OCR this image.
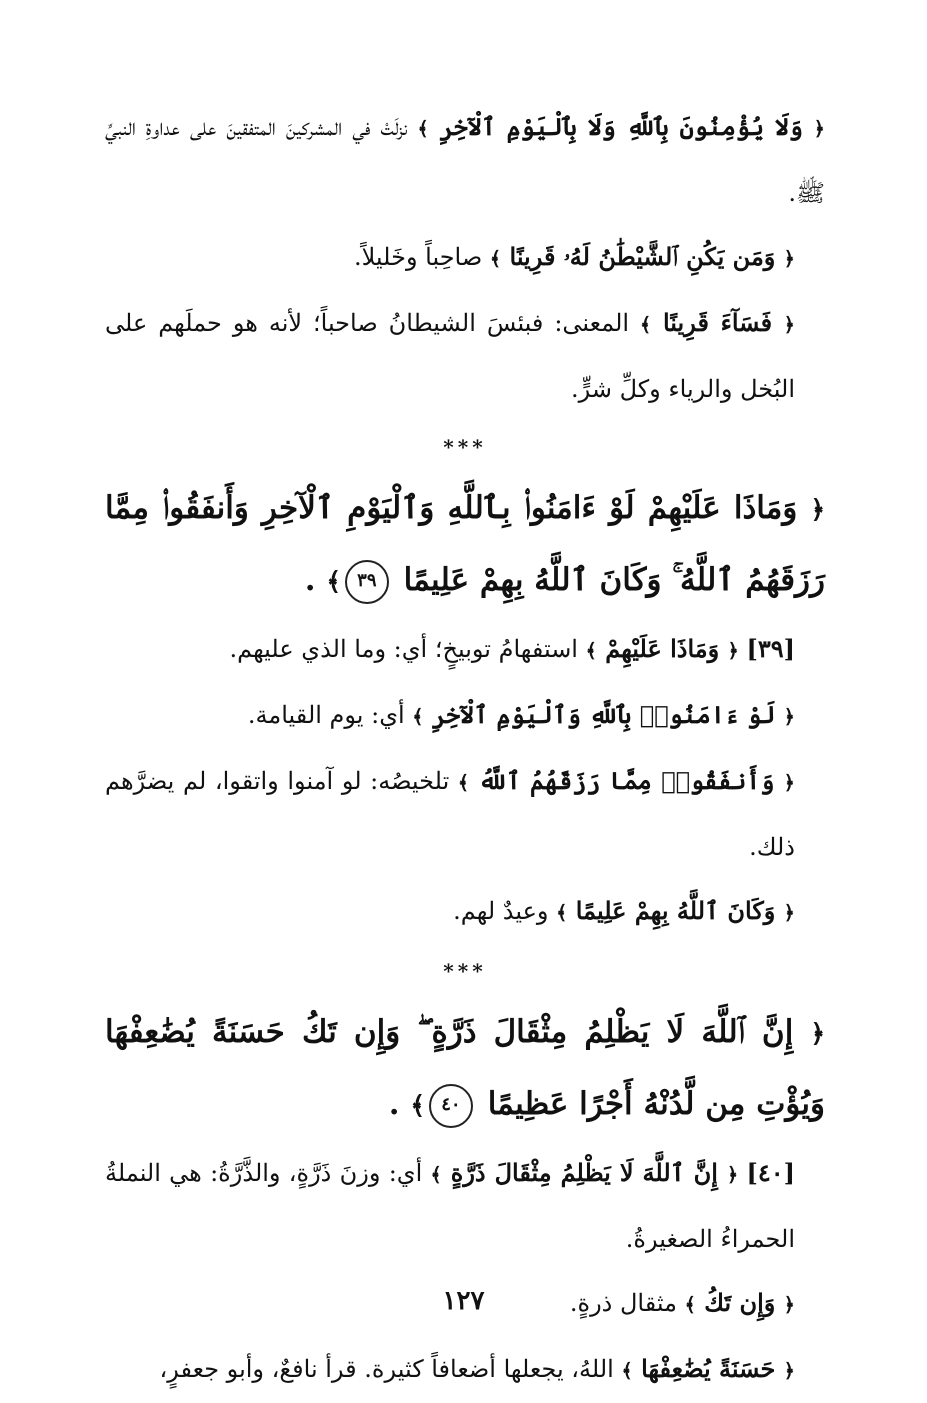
﴿ وَلَا يُؤْمِنُونَ بِٱللَّهِ وَلَا بِٱلْيَوْمِ ٱلْآخِرِ ﴾ نزلَتْ في المشركينَ المتفقينَ على عداوةِ النبيِّ ﷺ.

﴿ وَمَن يَكُنِ ٱلشَّيْطَٰنُ لَهُۥ قَرِينًا ﴾ صاحِباً وخَليلاً.

﴿ فَسَآءَ قَرِينًا ﴾ المعنى: فبئسَ الشيطانُ صاحباً؛ لأنه هو حملَهم على البُخل والرياء وكلِّ شرٍّ.

***

﴿ وَمَاذَا عَلَيْهِمْ لَوْ ءَامَنُوا۟ بِٱللَّهِ وَٱلْيَوْمِ ٱلْآخِرِ وَأَنفَقُوا۟ مِمَّا رَزَقَهُمُ ٱللَّهُ ۚ وَكَانَ ٱللَّهُ بِهِمْ عَلِيمًا ٣٩﴾ .

[٣٩] ﴿ وَمَاذَا عَلَيْهِمْ ﴾ استفهامُ توبيخٍ؛ أي: وما الذي عليهم.

﴿ لَوْ ءَامَنُوا۟ بِٱللَّهِ وَٱلْيَوْمِ ٱلْآخِرِ ﴾ أي: يوم القيامة.

﴿ وَأَنفَقُوا۟ مِمَّا رَزَقَهُمُ ٱللَّهُ ﴾ تلخيصُه: لو آمنوا واتقوا، لم يضرَّهم ذلك.

﴿ وَكَانَ ٱللَّهُ بِهِمْ عَلِيمًا ﴾ وعيدٌ لهم.

***

﴿ إِنَّ ٱللَّهَ لَا يَظْلِمُ مِثْقَالَ ذَرَّةٍ ۖ وَإِن تَكُ حَسَنَةً يُضَٰعِفْهَا وَيُؤْتِ مِن لَّدُنْهُ أَجْرًا عَظِيمًا ٤٠﴾ .

[٤٠] ﴿ إِنَّ ٱللَّهَ لَا يَظْلِمُ مِثْقَالَ ذَرَّةٍ ﴾ أي: وزنَ ذَرَّةٍ، والذَّرَّةُ: هي النملةُ الحمراءُ الصغيرةُ.

﴿ وَإِن تَكُ ﴾ مثقال ذرةٍ.

﴿ حَسَنَةً يُضَٰعِفْهَا ﴾ اللهُ، يجعلها أضعافاً كثيرة. قرأ نافعٌ، وأبو جعفرٍ،

١٢٧
